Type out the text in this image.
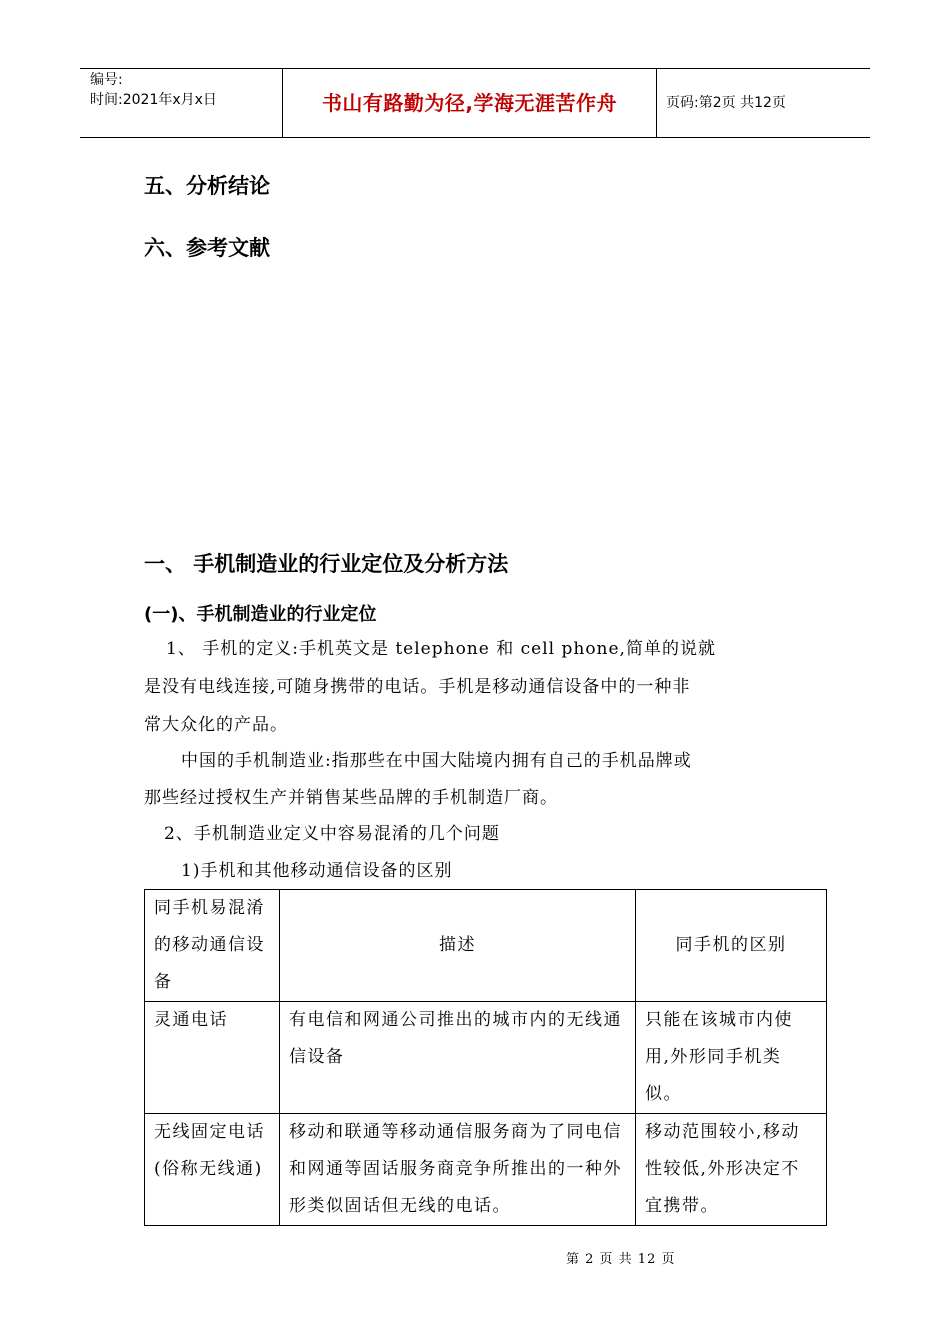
编号:
时间:2021年x月x日	书山有路勤为径,学海无涯苦作舟	页码:第2页 共12页
五、分析结论
六、参考文献
一、 手机制造业的行业定位及分析方法
(一)、手机制造业的行业定位
1、 手机的定义:手机英文是 telephone 和 cell phone,简单的说就
是没有电线连接,可随身携带的电话。手机是移动通信设备中的一种非
常大众化的产品。
中国的手机制造业:指那些在中国大陆境内拥有自己的手机品牌或
那些经过授权生产并销售某些品牌的手机制造厂商。
2、手机制造业定义中容易混淆的几个问题
1)手机和其他移动通信设备的区别
同手机易混淆的移动通信设备	描述	同手机的区别
灵通电话	有电信和网通公司推出的城市内的无线通信设备	只能在该城市内使用,外形同手机类似。
无线固定电话(俗称无线通)	移动和联通等移动通信服务商为了同电信和网通等固话服务商竞争所推出的一种外形类似固话但无线的电话。	移动范围较小,移动性较低,外形决定不宜携带。
第 2 页 共 12 页
